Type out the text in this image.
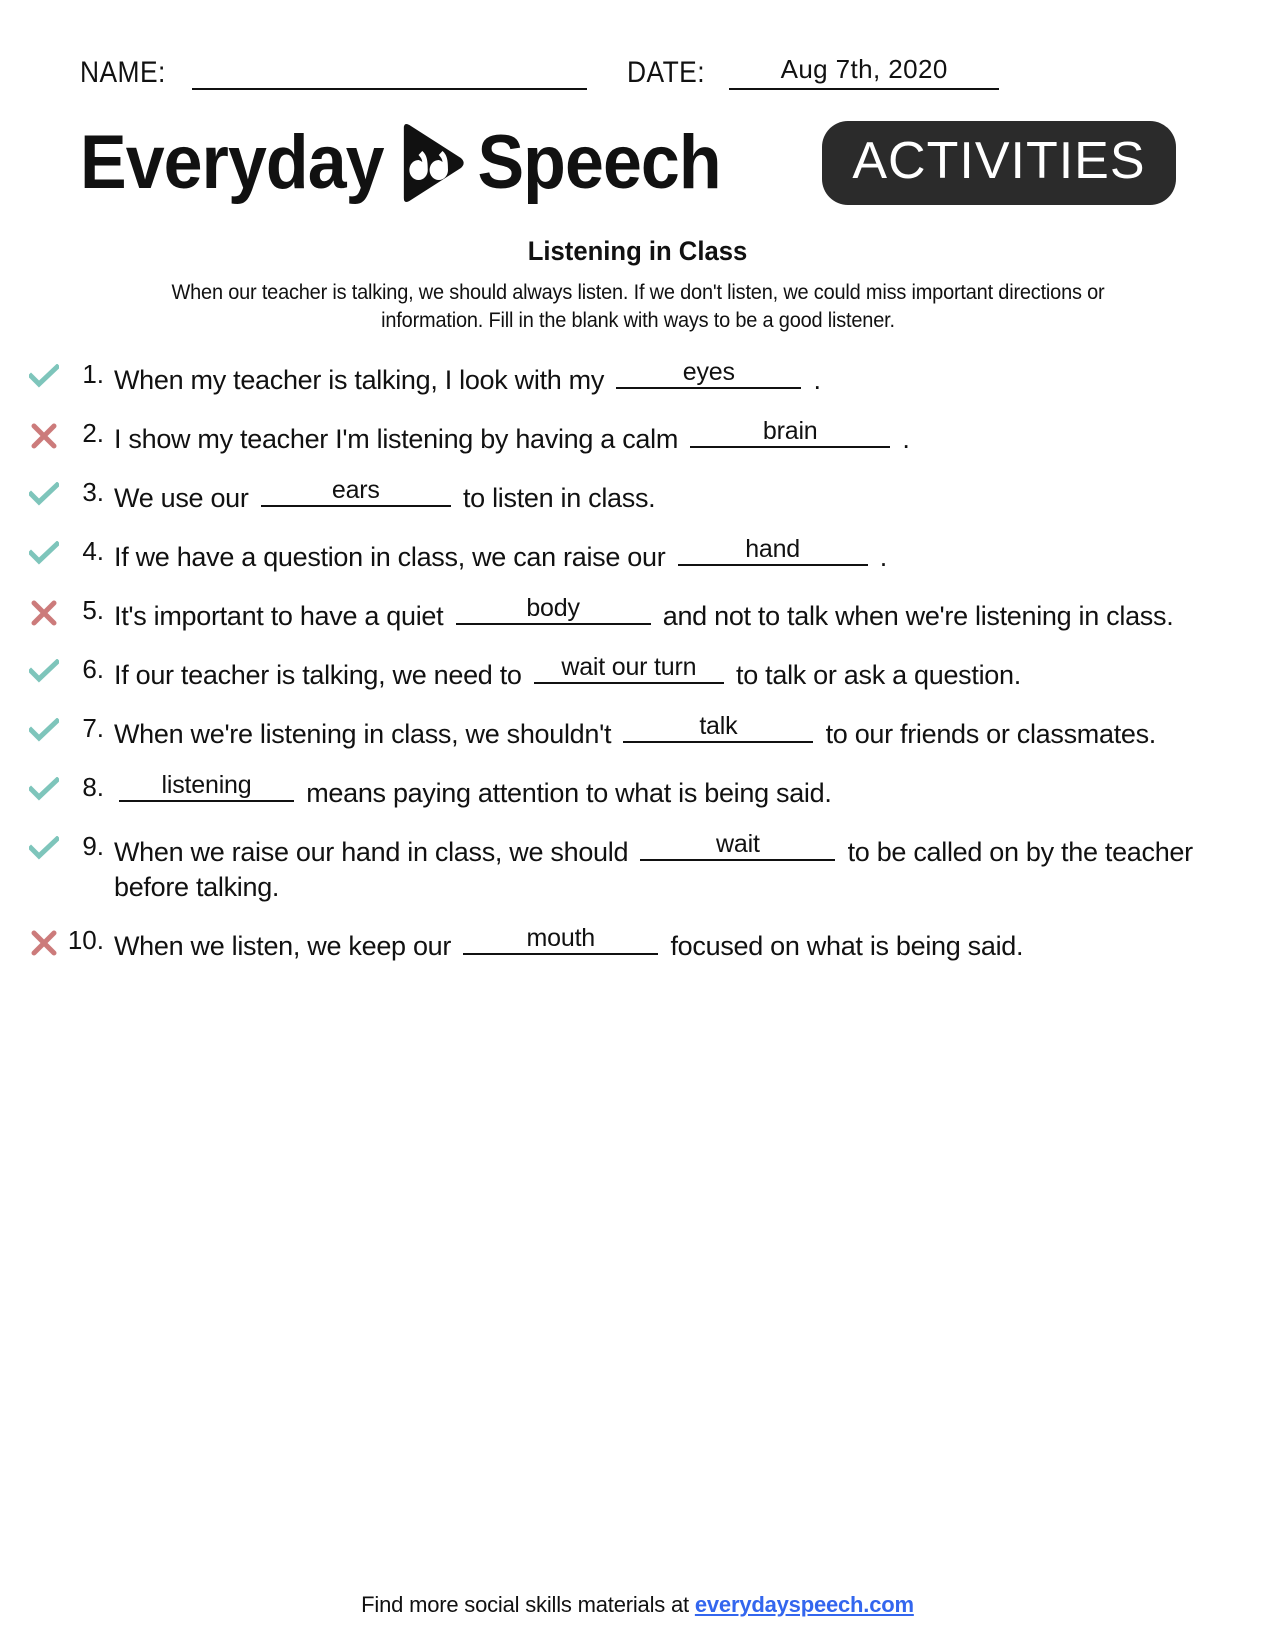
NAME:	DATE:	Aug 7th, 2020
Everyday Speech	ACTIVITIES
Listening in Class
When our teacher is talking, we should always listen. If we don't listen, we could miss important directions or information. Fill in the blank with ways to be a good listener.
1. When my teacher is talking, I look with my	eyes	.
2. I show my teacher I'm listening by having a calm	brain	.
3. We use our	ears	to listen in class.
4. If we have a question in class, we can raise our	hand	.
5. It's important to have a quiet	body	and not to talk when we're listening in class.
6. If our teacher is talking, we need to	wait our turn	to talk or ask a question.
7. When we're listening in class, we shouldn't	talk	to our friends or classmates.
8.	listening	means paying attention to what is being said.
9. When we raise our hand in class, we should	wait	to be called on by the teacher before talking.
10. When we listen, we keep our	mouth	focused on what is being said.
Find more social skills materials at everydayspeech.com
